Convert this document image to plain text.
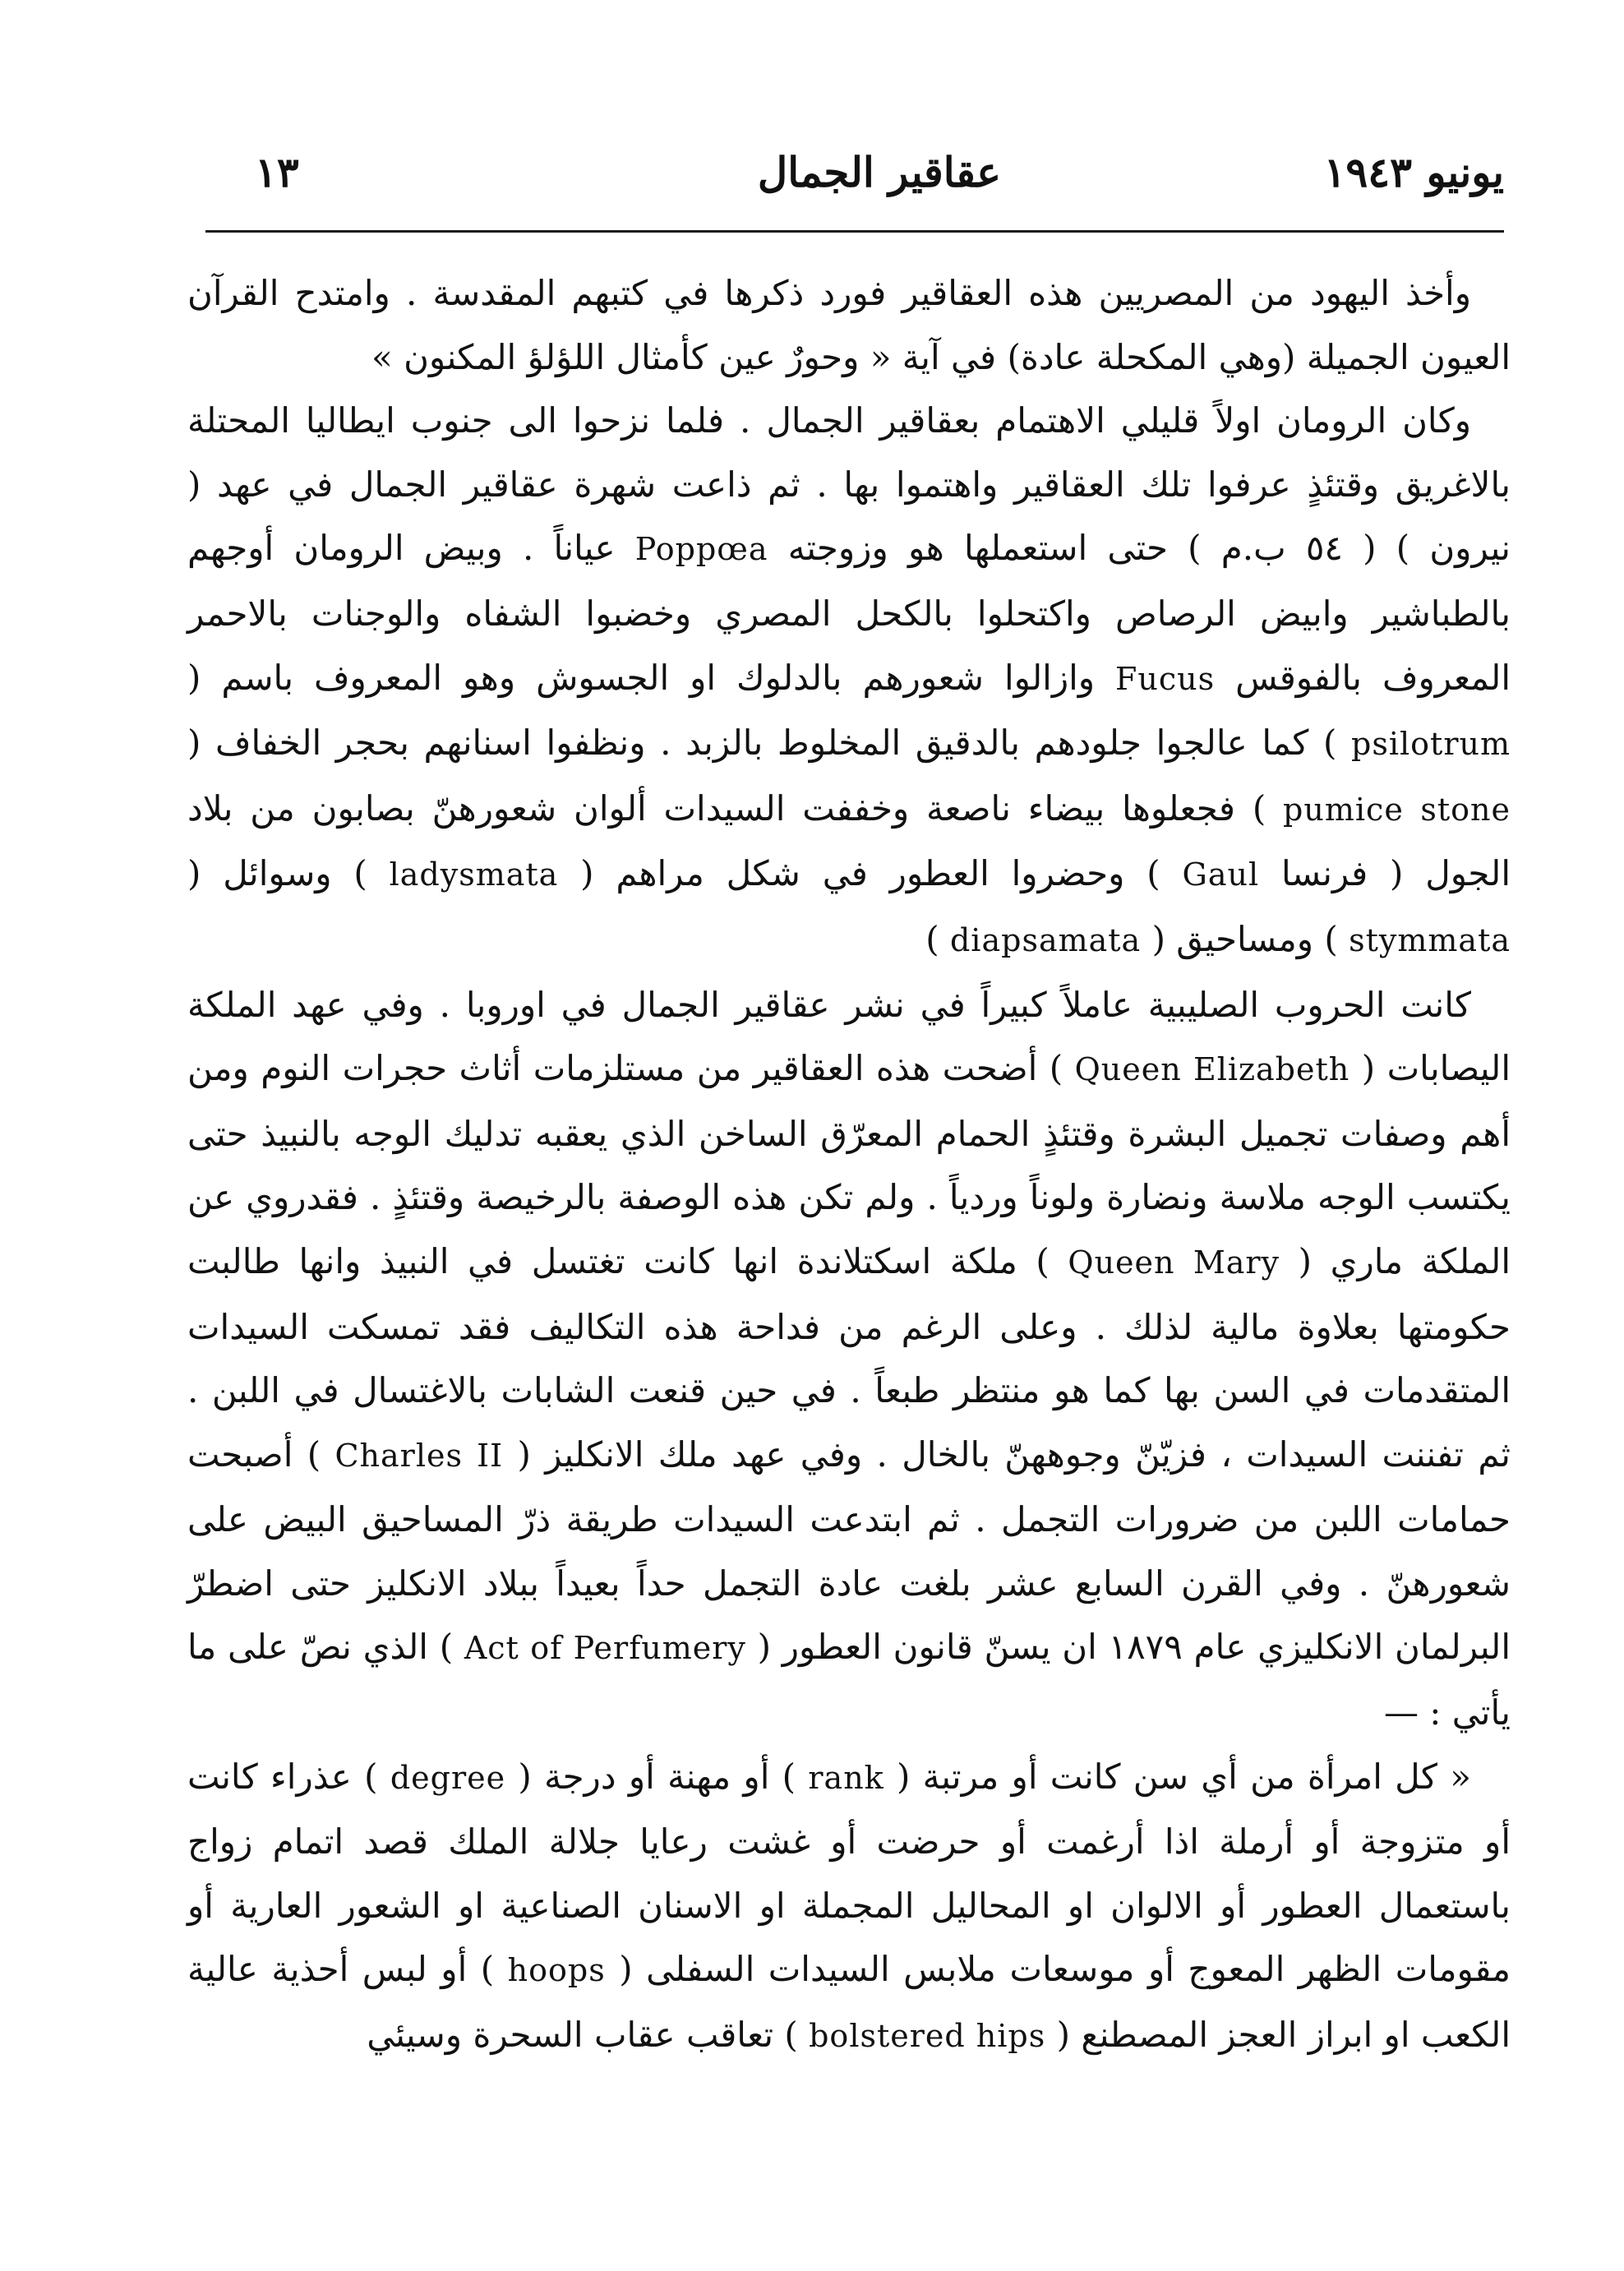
يونيو ١٩٤٣
عقاقير الجمال
١٣

وأخذ اليهود من المصريين هذه العقاقير فورد ذكرها في كتبهم المقدسة . وامتدح القرآن العيون الجميلة (وهي المكحلة عادة) في آية « وحورٌ عين كأمثال اللؤلؤ المكنون »

وكان الرومان اولاً قليلي الاهتمام بعقاقير الجمال . فلما نزحوا الى جنوب ايطاليا المحتلة بالاغريق وقتئذٍ عرفوا تلك العقاقير واهتموا بها . ثم ذاعت شهرة عقاقير الجمال في عهد ( نيرون ) ( ٥٤ ب.م ) حتى استعملها هو وزوجته Poppœa عياناً . وبيض الرومان أوجهم بالطباشير وابيض الرصاص واكتحلوا بالكحل المصري وخضبوا الشفاه والوجنات بالاحمر المعروف بالفوقس Fucus وازالوا شعورهم بالدلوك او الجسوش وهو المعروف باسم ( psilotrum ) كما عالجوا جلودهم بالدقيق المخلوط بالزبد . ونظفوا اسنانهم بحجر الخفاف ( pumice stone ) فجعلوها بيضاء ناصعة وخففت السيدات ألوان شعورهنّ بصابون من بلاد الجول ( فرنسا Gaul ) وحضروا العطور في شكل مراهم ( ladysmata ) وسوائل ( stymmata ) ومساحيق ( diapsamata )

كانت الحروب الصليبية عاملاً كبيراً في نشر عقاقير الجمال في اوروبا . وفي عهد الملكة اليصابات ( Queen Elizabeth ) أضحت هذه العقاقير من مستلزمات أثاث حجرات النوم ومن أهم وصفات تجميل البشرة وقتئذٍ الحمام المعرّق الساخن الذي يعقبه تدليك الوجه بالنبيذ حتى يكتسب الوجه ملاسة ونضارة ولوناً وردياً . ولم تكن هذه الوصفة بالرخيصة وقتئذٍ . فقدروي عن الملكة ماري ( Queen Mary ) ملكة اسكتلاندة انها كانت تغتسل في النبيذ وانها طالبت حكومتها بعلاوة مالية لذلك . وعلى الرغم من فداحة هذه التكاليف فقد تمسكت السيدات المتقدمات في السن بها كما هو منتظر طبعاً . في حين قنعت الشابات بالاغتسال في اللبن . ثم تفننت السيدات ، فزيّنّ وجوههنّ بالخال . وفي عهد ملك الانكليز ( Charles II ) أصبحت حمامات اللبن من ضرورات التجمل . ثم ابتدعت السيدات طريقة ذرّ المساحيق البيض على شعورهنّ . وفي القرن السابع عشر بلغت عادة التجمل حداً بعيداً ببلاد الانكليز حتى اضطرّ البرلمان الانكليزي عام ١٨٧٩ ان يسنّ قانون العطور ( Act of Perfumery ) الذي نصّ على ما يأتي : —

« كل امرأة من أي سن كانت أو مرتبة ( rank ) أو مهنة أو درجة ( degree ) عذراء كانت أو متزوجة أو أرملة اذا أرغمت أو حرضت أو غشت رعايا جلالة الملك قصد اتمام زواج باستعمال العطور أو الالوان او المحاليل المجملة او الاسنان الصناعية او الشعور العارية أو مقومات الظهر المعوج أو موسعات ملابس السيدات السفلى ( hoops ) أو لبس أحذية عالية الكعب او ابراز العجز المصطنع ( bolstered hips ) تعاقب عقاب السحرة وسيئي
